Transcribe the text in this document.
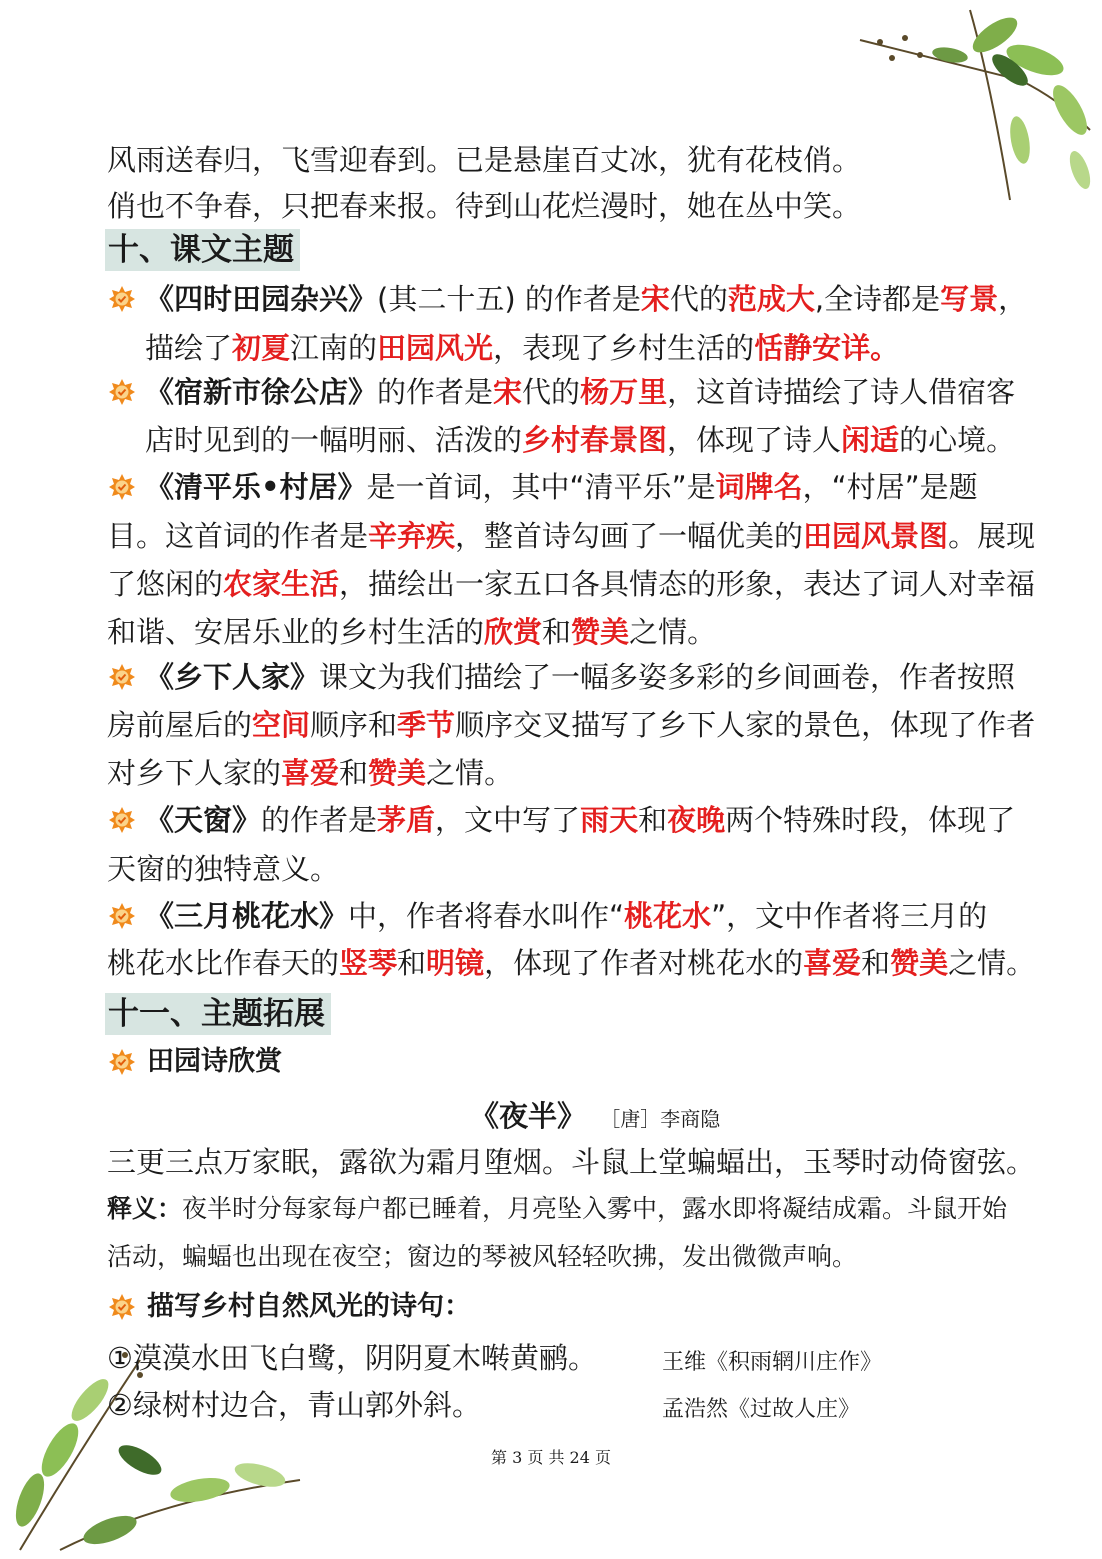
风雨送春归，飞雪迎春到。已是悬崖百丈冰，犹有花枝俏。
俏也不争春，只把春来报。待到山花烂漫时，她在丛中笑。
十、课文主题
《四时田园杂兴》(其二十五) 的作者是宋代的范成大,全诗都是写景，
描绘了初夏江南的田园风光，表现了乡村生活的恬静安详。
《宿新市徐公店》的作者是宋代的杨万里，这首诗描绘了诗人借宿客
店时见到的一幅明丽、活泼的乡村春景图，体现了诗人闲适的心境。
《清平乐•村居》是一首词，其中“清平乐”是词牌名，“村居”是题
目。这首词的作者是辛弃疾，整首诗勾画了一幅优美的田园风景图。展现
了悠闲的农家生活，描绘出一家五口各具情态的形象，表达了词人对幸福
和谐、安居乐业的乡村生活的欣赏和赞美之情。
《乡下人家》课文为我们描绘了一幅多姿多彩的乡间画卷，作者按照
房前屋后的空间顺序和季节顺序交叉描写了乡下人家的景色，体现了作者
对乡下人家的喜爱和赞美之情。
《天窗》的作者是茅盾，文中写了雨天和夜晚两个特殊时段，体现了
天窗的独特意义。
《三月桃花水》中，作者将春水叫作“桃花水”，文中作者将三月的
桃花水比作春天的竖琴和明镜，体现了作者对桃花水的喜爱和赞美之情。
十一、主题拓展
田园诗欣赏
《夜半》 ［唐］李商隐
三更三点万家眠，露欲为霜月堕烟。斗鼠上堂蝙蝠出，玉琴时动倚窗弦。
释义：夜半时分每家每户都已睡着，月亮坠入雾中，露水即将凝结成霜。斗鼠开始
活动，蝙蝠也出现在夜空；窗边的琴被风轻轻吹拂，发出微微声响。
描写乡村自然风光的诗句：
①漠漠水田飞白鹭，阴阴夏木啭黄鹂。	王维《积雨辋川庄作》
②绿树村边合，青山郭外斜。	孟浩然《过故人庄》
第 3 页 共 24 页
